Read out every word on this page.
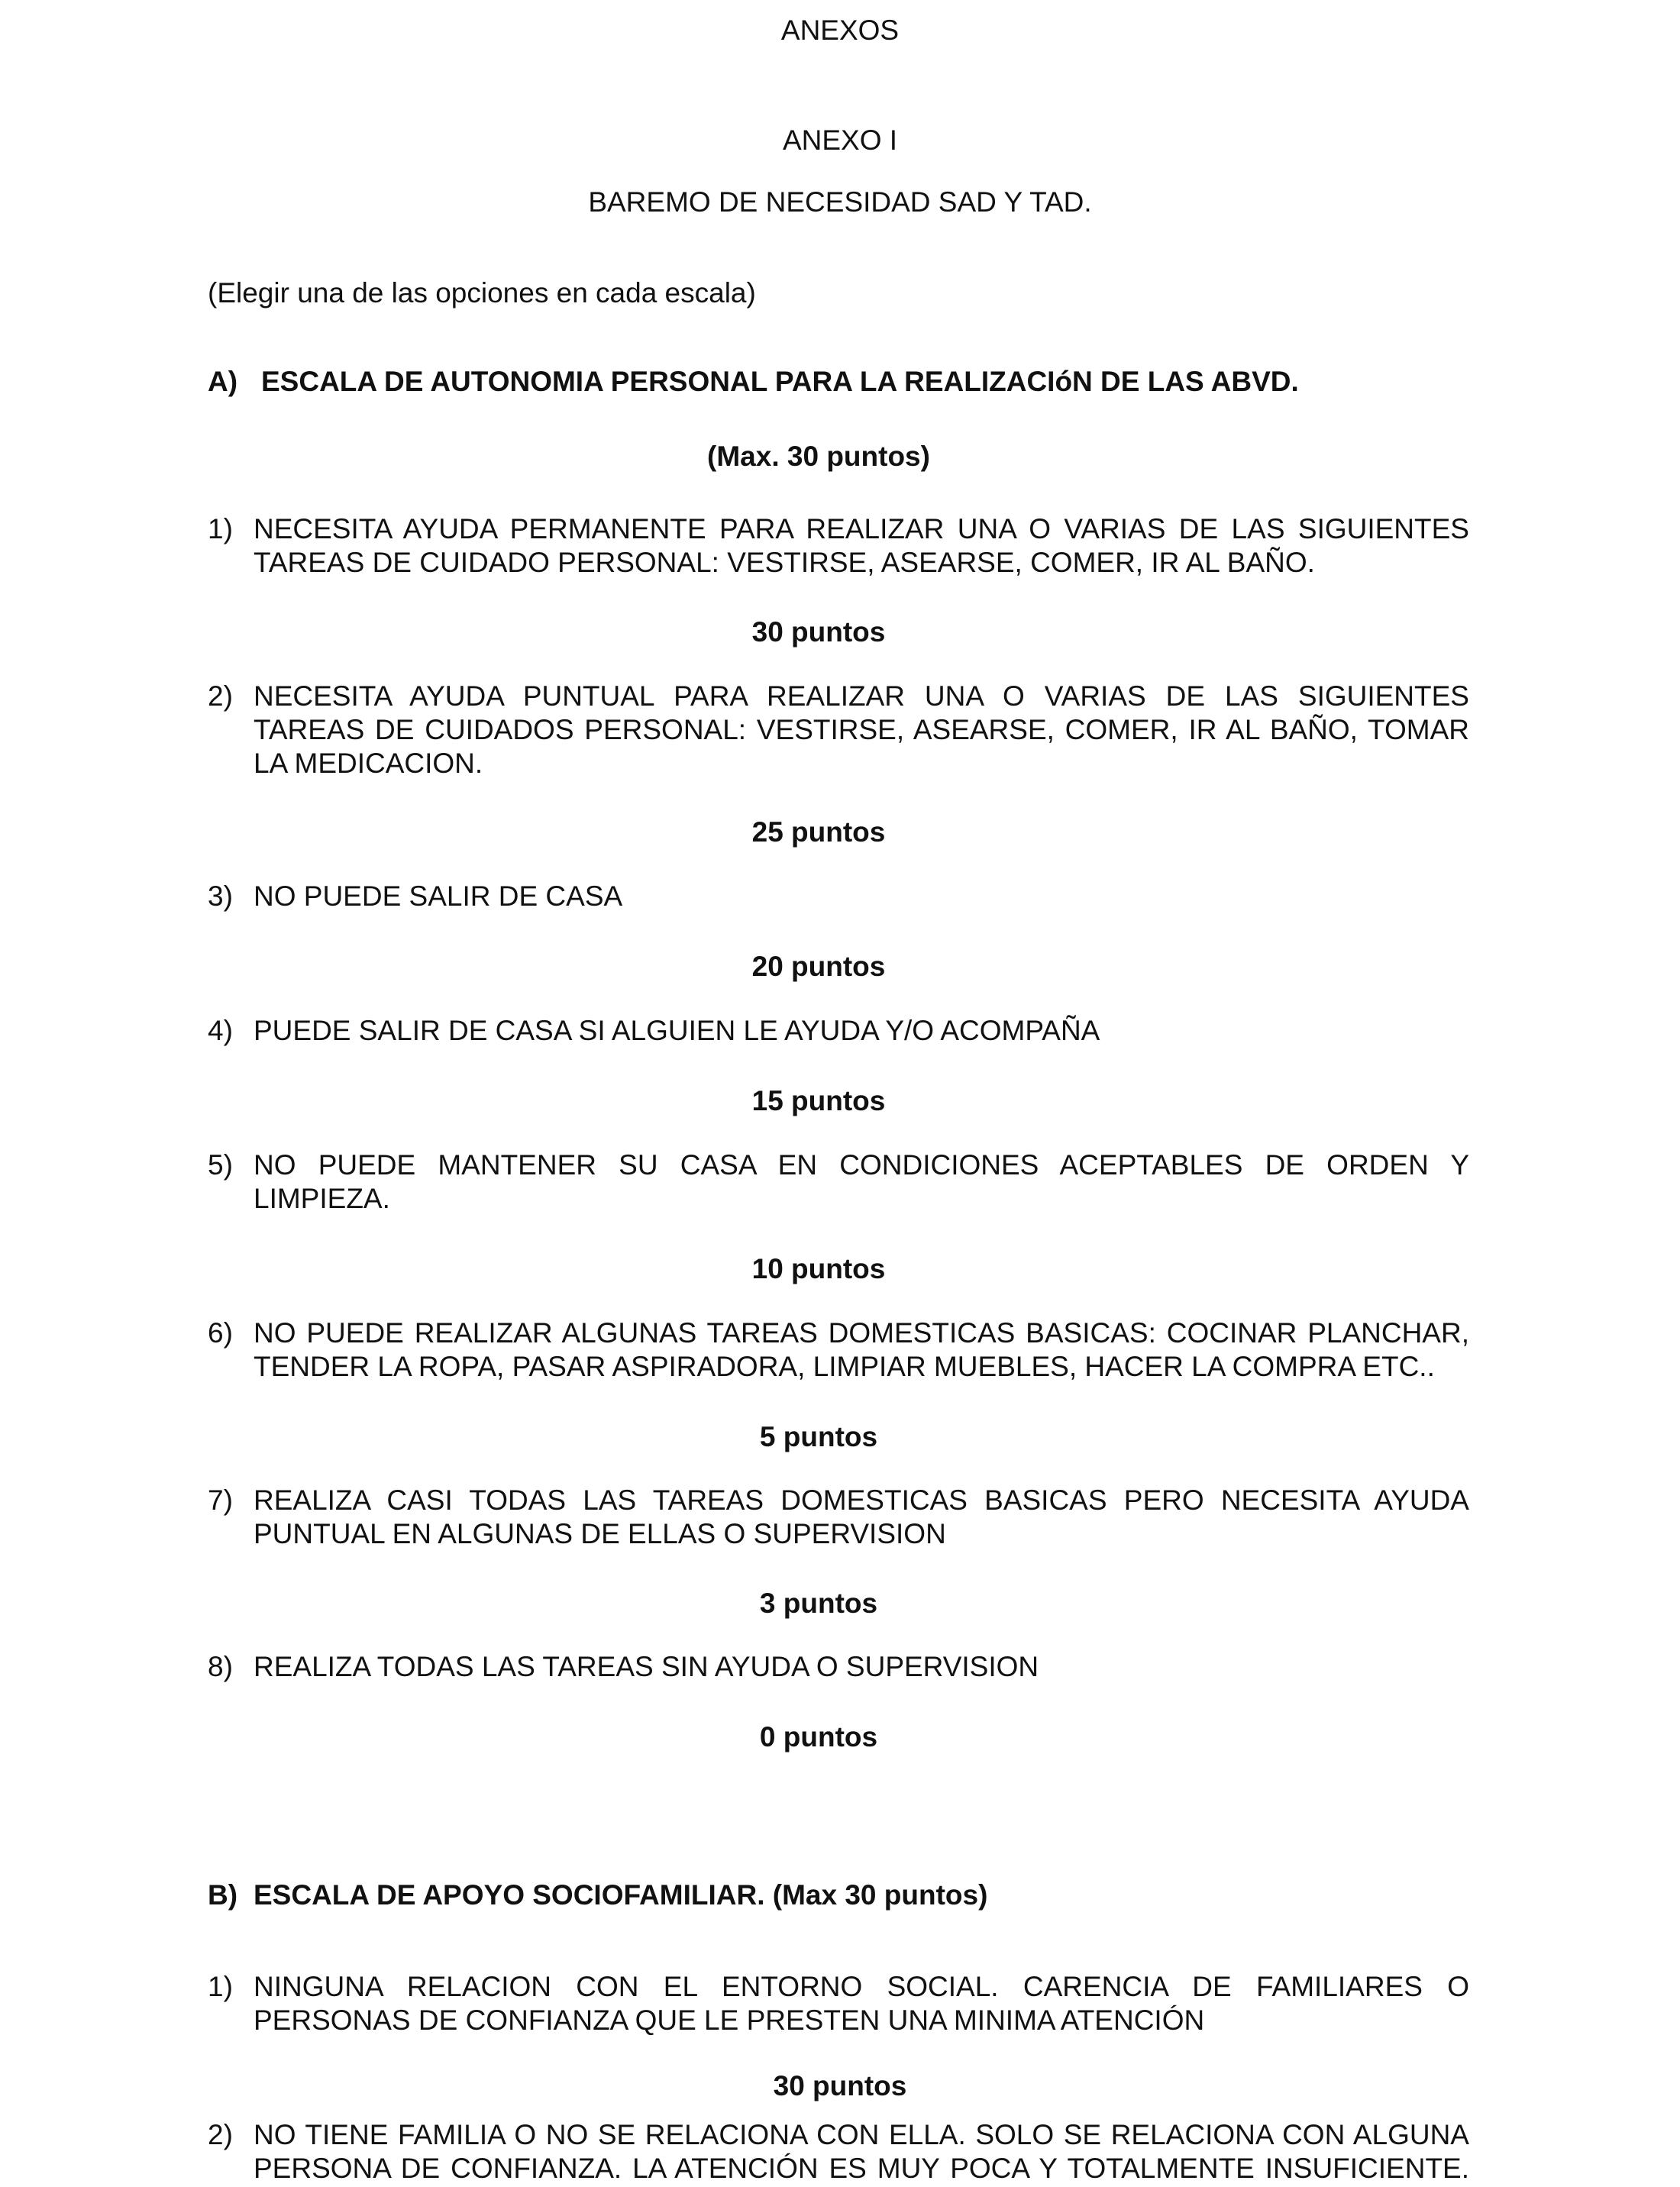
ANEXOS
ANEXO I
BAREMO DE NECESIDAD SAD Y TAD.
(Elegir una de las opciones en cada escala)
A) ESCALA DE AUTONOMIA PERSONAL PARA LA REALIZACIóN DE LAS ABVD.
(Max. 30 puntos)
1) NECESITA AYUDA PERMANENTE PARA REALIZAR UNA O VARIAS DE LAS SIGUIENTES
TAREAS DE CUIDADO PERSONAL: VESTIRSE, ASEARSE, COMER, IR AL BAÑO.
30 puntos
2) NECESITA AYUDA PUNTUAL PARA REALIZAR UNA O VARIAS DE LAS SIGUIENTES
TAREAS DE CUIDADOS PERSONAL: VESTIRSE, ASEARSE, COMER, IR AL BAÑO, TOMAR
LA MEDICACION.
25 puntos
3) NO PUEDE SALIR DE CASA
20 puntos
4) PUEDE SALIR DE CASA SI ALGUIEN LE AYUDA Y/O ACOMPAÑA
15 puntos
5) NO PUEDE MANTENER SU CASA EN CONDICIONES ACEPTABLES DE ORDEN Y
LIMPIEZA.
10 puntos
6) NO PUEDE REALIZAR ALGUNAS TAREAS DOMESTICAS BASICAS: COCINAR PLANCHAR,
TENDER LA ROPA, PASAR ASPIRADORA, LIMPIAR MUEBLES, HACER LA COMPRA ETC..
5 puntos
7) REALIZA CASI TODAS LAS TAREAS DOMESTICAS BASICAS PERO NECESITA AYUDA
PUNTUAL EN ALGUNAS DE ELLAS O SUPERVISION
3 puntos
8) REALIZA TODAS LAS TAREAS SIN AYUDA O SUPERVISION
0 puntos
B) ESCALA DE APOYO SOCIOFAMILIAR. (Max 30 puntos)
1) NINGUNA RELACION CON EL ENTORNO SOCIAL. CARENCIA DE FAMILIARES O
PERSONAS DE CONFIANZA QUE LE PRESTEN UNA MINIMA ATENCIÓN
30 puntos
2) NO TIENE FAMILIA O NO SE RELACIONA CON ELLA. SOLO SE RELACIONA CON ALGUNA
PERSONA DE CONFIANZA. LA ATENCIÓN ES MUY POCA Y TOTALMENTE INSUFICIENTE.
